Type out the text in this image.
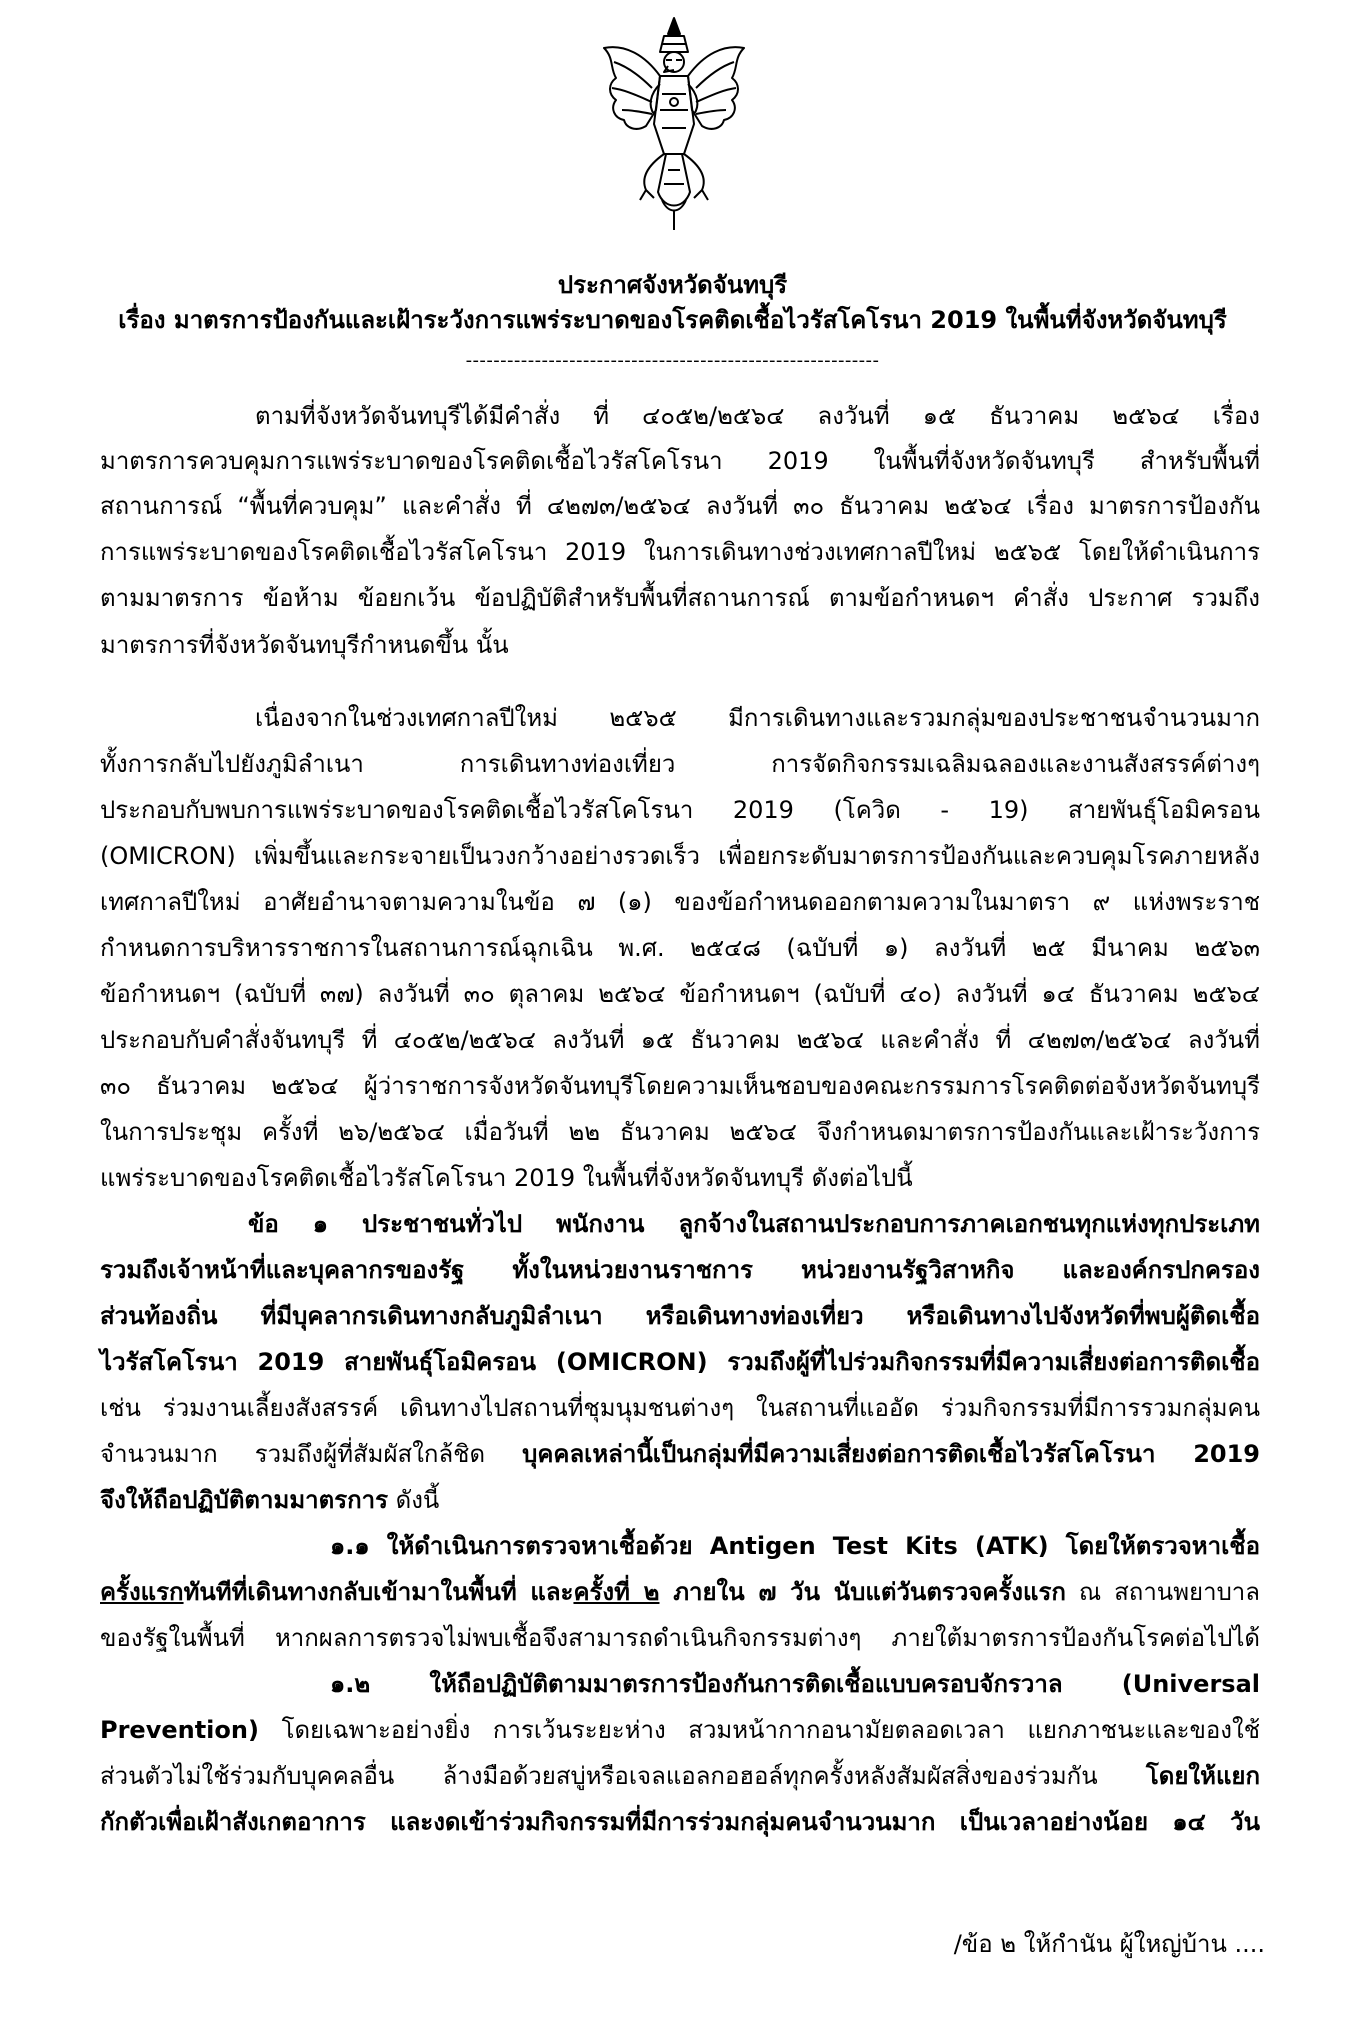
ประกาศจังหวัดจันทบุรี
เรื่อง มาตรการป้องกันและเฝ้าระวังการแพร่ระบาดของโรคติดเชื้อไวรัสโคโรนา 2019 ในพื้นที่จังหวัดจันทบุรี
------------------------------------------------------------
ตามที่จังหวัดจันทบุรีได้มีคำสั่ง ที่ ๔๐๕๒/๒๕๖๔ ลงวันที่ ๑๕ ธันวาคม ๒๕๖๔ เรื่อง
มาตรการควบคุมการแพร่ระบาดของโรคติดเชื้อไวรัสโคโรนา 2019 ในพื้นที่จังหวัดจันทบุรี สำหรับพื้นที่
สถานการณ์ “พื้นที่ควบคุม” และคำสั่ง ที่ ๔๒๗๓/๒๕๖๔ ลงวันที่ ๓๐ ธันวาคม ๒๕๖๔ เรื่อง มาตรการป้องกัน
การแพร่ระบาดของโรคติดเชื้อไวรัสโคโรนา 2019 ในการเดินทางช่วงเทศกาลปีใหม่ ๒๕๖๕ โดยให้ดำเนินการ
ตามมาตรการ ข้อห้าม ข้อยกเว้น ข้อปฏิบัติสำหรับพื้นที่สถานการณ์ ตามข้อกำหนดฯ คำสั่ง ประกาศ รวมถึง
มาตรการที่จังหวัดจันทบุรีกำหนดขึ้น นั้น
เนื่องจากในช่วงเทศกาลปีใหม่ ๒๕๖๕ มีการเดินทางและรวมกลุ่มของประชาชนจำนวนมาก
ทั้งการกลับไปยังภูมิลำเนา การเดินทางท่องเที่ยว การจัดกิจกรรมเฉลิมฉลองและงานสังสรรค์ต่างๆ
ประกอบกับพบการแพร่ระบาดของโรคติดเชื้อไวรัสโคโรนา 2019 (โควิด - 19) สายพันธุ์โอมิครอน
(OMICRON) เพิ่มขึ้นและกระจายเป็นวงกว้างอย่างรวดเร็ว เพื่อยกระดับมาตรการป้องกันและควบคุมโรคภายหลัง
เทศกาลปีใหม่ อาศัยอำนาจตามความในข้อ ๗ (๑) ของข้อกำหนดออกตามความในมาตรา ๙ แห่งพระราช
กำหนดการบริหารราชการในสถานการณ์ฉุกเฉิน พ.ศ. ๒๕๔๘ (ฉบับที่ ๑) ลงวันที่ ๒๕ มีนาคม ๒๕๖๓
ข้อกำหนดฯ (ฉบับที่ ๓๗) ลงวันที่ ๓๐ ตุลาคม ๒๕๖๔ ข้อกำหนดฯ (ฉบับที่ ๔๐) ลงวันที่ ๑๔ ธันวาคม ๒๕๖๔
ประกอบกับคำสั่งจันทบุรี ที่ ๔๐๕๒/๒๕๖๔ ลงวันที่ ๑๕ ธันวาคม ๒๕๖๔ และคำสั่ง ที่ ๔๒๗๓/๒๕๖๔ ลงวันที่
๓๐ ธันวาคม ๒๕๖๔ ผู้ว่าราชการจังหวัดจันทบุรีโดยความเห็นชอบของคณะกรรมการโรคติดต่อจังหวัดจันทบุรี
ในการประชุม ครั้งที่ ๒๖/๒๕๖๔ เมื่อวันที่ ๒๒ ธันวาคม ๒๕๖๔ จึงกำหนดมาตรการป้องกันและเฝ้าระวังการ
แพร่ระบาดของโรคติดเชื้อไวรัสโคโรนา 2019 ในพื้นที่จังหวัดจันทบุรี ดังต่อไปนี้
ข้อ ๑ ประชาชนทั่วไป พนักงาน ลูกจ้างในสถานประกอบการภาคเอกชนทุกแห่งทุกประเภท
รวมถึงเจ้าหน้าที่และบุคลากรของรัฐ ทั้งในหน่วยงานราชการ หน่วยงานรัฐวิสาหกิจ และองค์กรปกครอง
ส่วนท้องถิ่น ที่มีบุคลากรเดินทางกลับภูมิลำเนา หรือเดินทางท่องเที่ยว หรือเดินทางไปจังหวัดที่พบผู้ติดเชื้อ
ไวรัสโคโรนา 2019 สายพันธุ์โอมิครอน (OMICRON) รวมถึงผู้ที่ไปร่วมกิจกรรมที่มีความเสี่ยงต่อการติดเชื้อ
เช่น ร่วมงานเลี้ยงสังสรรค์ เดินทางไปสถานที่ชุมนุมชนต่างๆ ในสถานที่แออัด ร่วมกิจกรรมที่มีการรวมกลุ่มคน
จำนวนมาก รวมถึงผู้ที่สัมผัสใกล้ชิด บุคคลเหล่านี้เป็นกลุ่มที่มีความเสี่ยงต่อการติดเชื้อไวรัสโคโรนา 2019
จึงให้ถือปฏิบัติตามมาตรการ ดังนี้
๑.๑ ให้ดำเนินการตรวจหาเชื้อด้วย Antigen Test Kits (ATK) โดยให้ตรวจหาเชื้อ
ครั้งแรกทันทีที่เดินทางกลับเข้ามาในพื้นที่ และครั้งที่ ๒ ภายใน ๗ วัน นับแต่วันตรวจครั้งแรก ณ สถานพยาบาล
ของรัฐในพื้นที่ หากผลการตรวจไม่พบเชื้อจึงสามารถดำเนินกิจกรรมต่างๆ ภายใต้มาตรการป้องกันโรคต่อไปได้
๑.๒ ให้ถือปฏิบัติตามมาตรการป้องกันการติดเชื้อแบบครอบจักรวาล (Universal
Prevention) โดยเฉพาะอย่างยิ่ง การเว้นระยะห่าง สวมหน้ากากอนามัยตลอดเวลา แยกภาชนะและของใช้
ส่วนตัวไม่ใช้ร่วมกับบุคคลอื่น ล้างมือด้วยสบู่หรือเจลแอลกอฮอล์ทุกครั้งหลังสัมผัสสิ่งของร่วมกัน โดยให้แยก
กักตัวเพื่อเฝ้าสังเกตอาการ และงดเข้าร่วมกิจกรรมที่มีการร่วมกลุ่มคนจำนวนมาก เป็นเวลาอย่างน้อย ๑๔ วัน
/ข้อ ๒ ให้กำนัน ผู้ใหญ่บ้าน ....
